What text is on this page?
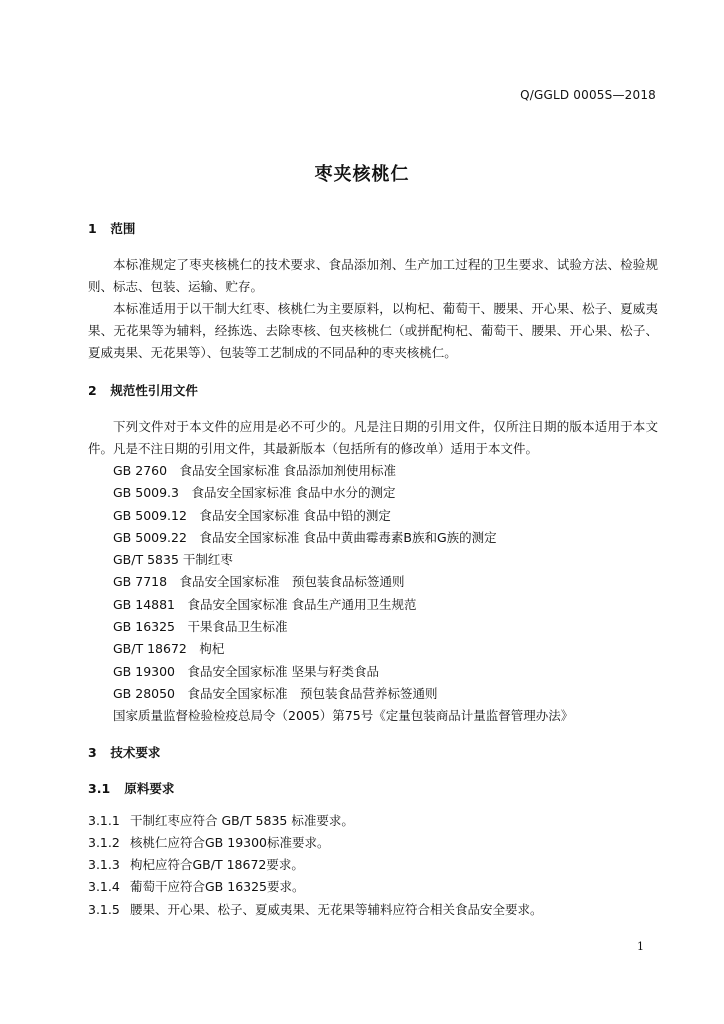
Q/GGLD 0005S—2018
枣夹核桃仁
1 范围

本标准规定了枣夹核桃仁的技术要求、食品添加剂、生产加工过程的卫生要求、试验方法、检验规则、标志、包装、运输、贮存。

本标准适用于以干制大红枣、核桃仁为主要原料，以枸杞、葡萄干、腰果、开心果、松子、夏威夷果、无花果等为辅料，经拣选、去除枣核、包夹核桃仁（或拼配枸杞、葡萄干、腰果、开心果、松子、夏威夷果、无花果等）、包装等工艺制成的不同品种的枣夹核桃仁。

2 规范性引用文件

下列文件对于本文件的应用是必不可少的。凡是注日期的引用文件，仅所注日期的版本适用于本文件。凡是不注日期的引用文件，其最新版本（包括所有的修改单）适用于本文件。

GB 2760　食品安全国家标准 食品添加剂使用标准

GB 5009.3　食品安全国家标准 食品中水分的测定

GB 5009.12　食品安全国家标准 食品中铅的测定

GB 5009.22　食品安全国家标准 食品中黄曲霉毒素B族和G族的测定

GB/T 5835 干制红枣

GB 7718　食品安全国家标准　预包装食品标签通则

GB 14881　食品安全国家标准 食品生产通用卫生规范

GB 16325　干果食品卫生标准

GB/T 18672　枸杞

GB 19300　食品安全国家标准 坚果与籽类食品

GB 28050　食品安全国家标准　预包装食品营养标签通则

国家质量监督检验检疫总局令（2005）第75号《定量包装商品计量监督管理办法》

3 技术要求
3.1 原料要求

3.1.1 干制红枣应符合 GB/T 5835 标准要求。

3.1.2 核桃仁应符合GB 19300标准要求。

3.1.3 枸杞应符合GB/T 18672要求。

3.1.4 葡萄干应符合GB 16325要求。

3.1.5 腰果、开心果、松子、夏威夷果、无花果等辅料应符合相关食品安全要求。

1
